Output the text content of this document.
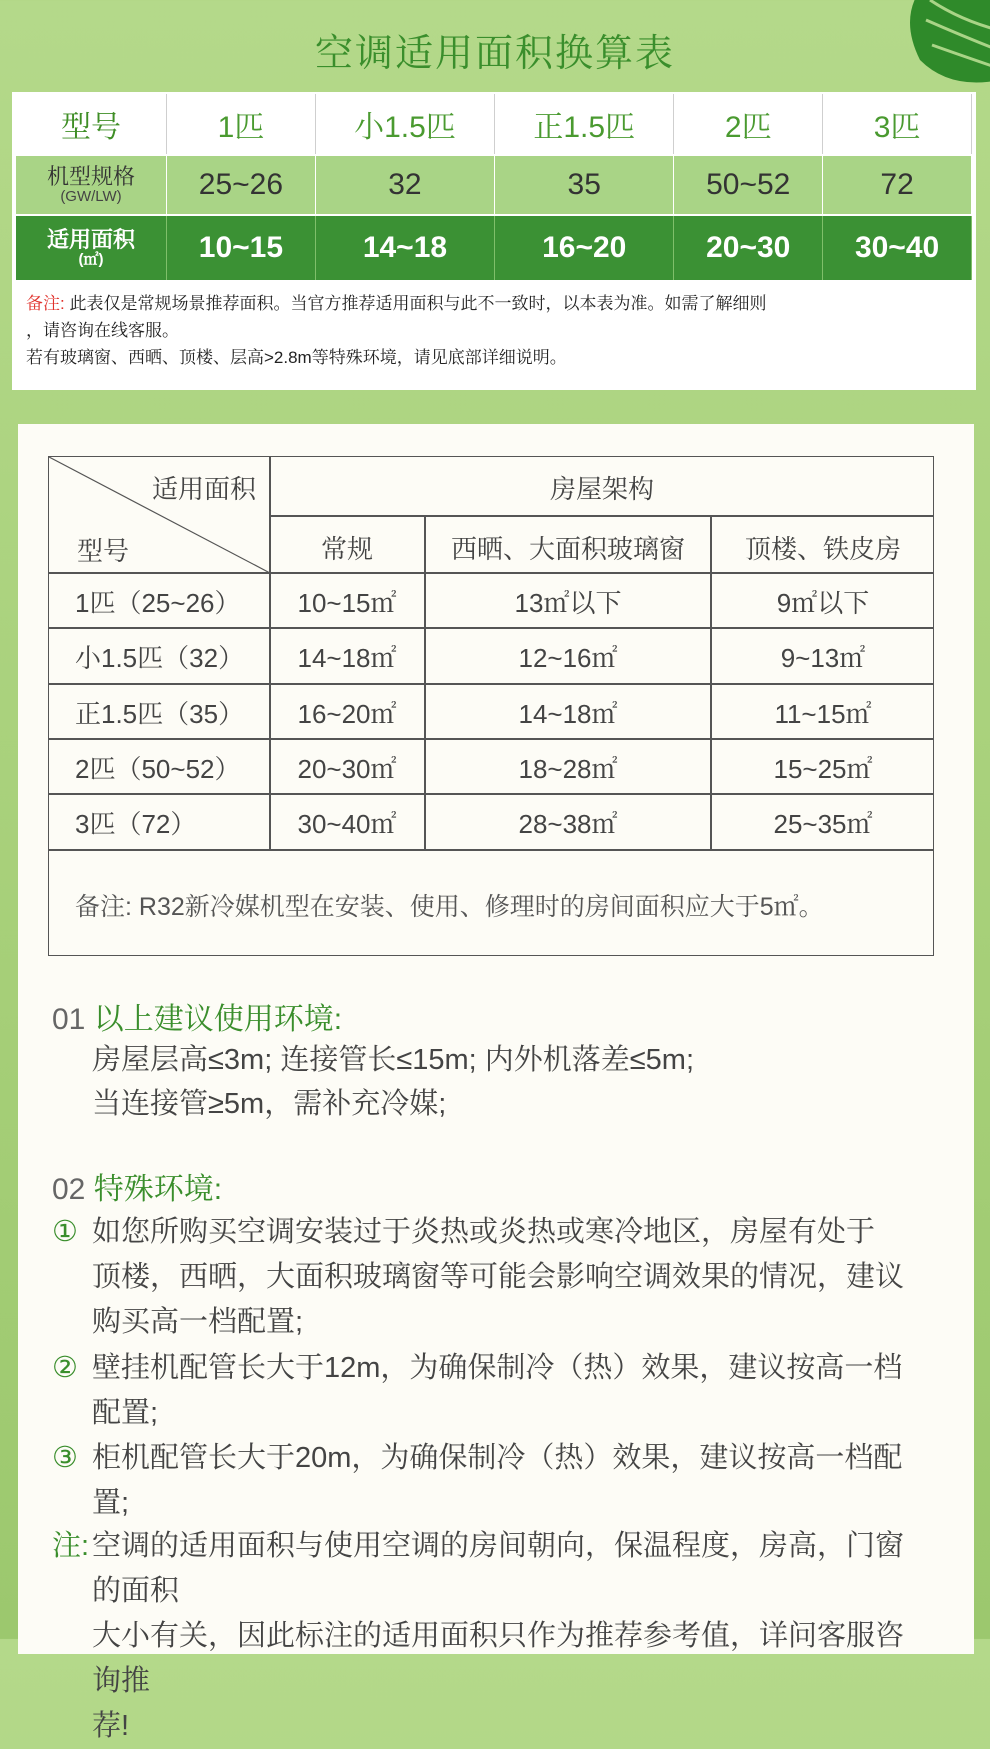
空调适用面积换算表
型号	1匹	小1.5匹	正1.5匹	2匹	3匹

机型规格
(GW/LW)	25~26	32	35	50~52	72

适用面积
(㎡)	10~15	14~18	16~20	20~30	30~40
备注: 此表仅是常规场景推荐面积。当官方推荐适用面积与此不一致时，以本表为准。如需了解细则
，请咨询在线客服。
若有玻璃窗、西晒、顶楼、层高>2.8m等特殊环境，请见底部详细说明。
适用面积
型号
房屋架构
常规	西晒、大面积玻璃窗	顶楼、铁皮房
1匹（25~26）	10~15㎡	13㎡以下	9㎡以下
小1.5匹（32）	14~18㎡	12~16㎡	9~13㎡
正1.5匹（35）	16~20㎡	14~18㎡	11~15㎡
2匹（50~52）	20~30㎡	18~28㎡	15~25㎡
3匹（72）	30~40㎡	28~38㎡	25~35㎡
备注: R32新冷媒机型在安装、使用、修理时的房间面积应大于5㎡。
01 以上建议使用环境:
房屋层高≤3m; 连接管长≤15m; 内外机落差≤5m;
当连接管≥5m，需补充冷媒;
02 特殊环境:
① 如您所购买空调安装过于炎热或炎热或寒冷地区，房屋有处于
顶楼，西晒，大面积玻璃窗等可能会影响空调效果的情况，建议
购买高一档配置;
② 壁挂机配管长大于12m，为确保制冷（热）效果，建议按高一档
配置;
③ 柜机配管长大于20m，为确保制冷（热）效果，建议按高一档配
置;
注: 空调的适用面积与使用空调的房间朝向，保温程度，房高，门窗的面积
大小有关，因此标注的适用面积只作为推荐参考值，详问客服咨询推
荐!
